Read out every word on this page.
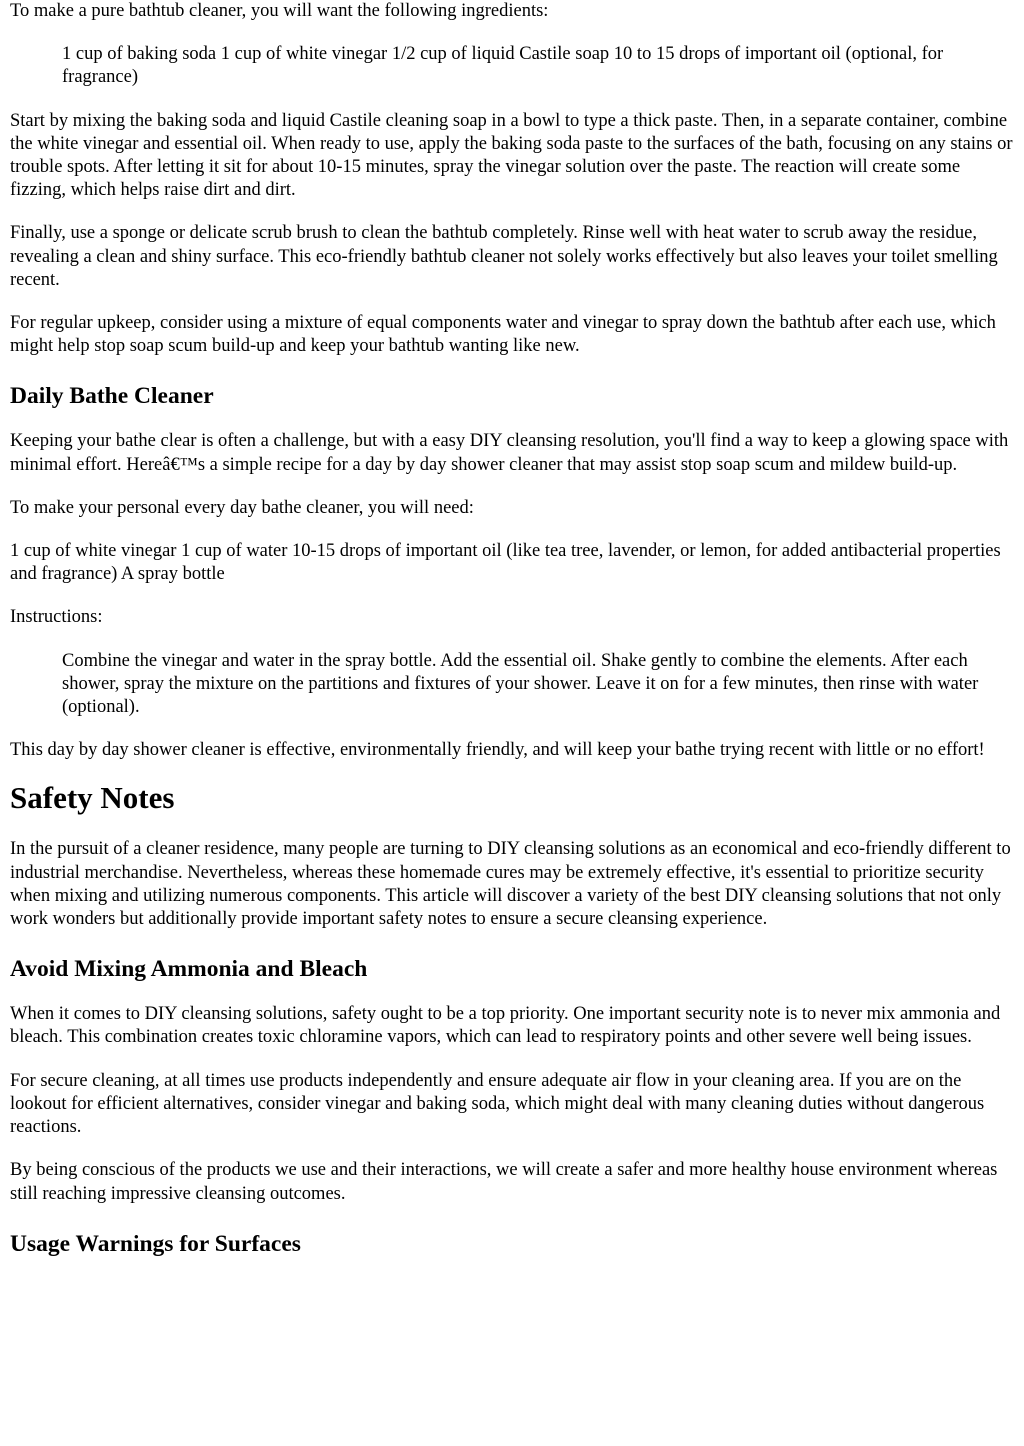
To make a pure bathtub cleaner, you will want the following ingredients:

1 cup of baking soda 1 cup of white vinegar 1/2 cup of liquid Castile soap 10 to 15 drops of important oil (optional, for fragrance)

Start by mixing the baking soda and liquid Castile cleaning soap in a bowl to type a thick paste. Then, in a separate container, combine the white vinegar and essential oil. When ready to use, apply the baking soda paste to the surfaces of the bath, focusing on any stains or trouble spots. After letting it sit for about 10-15 minutes, spray the vinegar solution over the paste. The reaction will create some fizzing, which helps raise dirt and dirt.

Finally, use a sponge or delicate scrub brush to clean the bathtub completely. Rinse well with heat water to scrub away the residue, revealing a clean and shiny surface. This eco-friendly bathtub cleaner not solely works effectively but also leaves your toilet smelling recent.

For regular upkeep, consider using a mixture of equal components water and vinegar to spray down the bathtub after each use, which might help stop soap scum build-up and keep your bathtub wanting like new.

Daily Bathe Cleaner

Keeping your bathe clear is often a challenge, but with a easy DIY cleansing resolution, you'll find a way to keep a glowing space with minimal effort. Hereâ€™s a simple recipe for a day by day shower cleaner that may assist stop soap scum and mildew build-up.

To make your personal every day bathe cleaner, you will need:

1 cup of white vinegar 1 cup of water 10-15 drops of important oil (like tea tree, lavender, or lemon, for added antibacterial properties and fragrance) A spray bottle

Instructions:

Combine the vinegar and water in the spray bottle. Add the essential oil. Shake gently to combine the elements. After each shower, spray the mixture on the partitions and fixtures of your shower. Leave it on for a few minutes, then rinse with water (optional).

This day by day shower cleaner is effective, environmentally friendly, and will keep your bathe trying recent with little or no effort!

Safety Notes

In the pursuit of a cleaner residence, many people are turning to DIY cleansing solutions as an economical and eco-friendly different to industrial merchandise. Nevertheless, whereas these homemade cures may be extremely effective, it's essential to prioritize security when mixing and utilizing numerous components. This article will discover a variety of the best DIY cleansing solutions that not only work wonders but additionally provide important safety notes to ensure a secure cleansing experience.

Avoid Mixing Ammonia and Bleach

When it comes to DIY cleansing solutions, safety ought to be a top priority. One important security note is to never mix ammonia and bleach. This combination creates toxic chloramine vapors, which can lead to respiratory points and other severe well being issues.

For secure cleaning, at all times use products independently and ensure adequate air flow in your cleaning area. If you are on the lookout for efficient alternatives, consider vinegar and baking soda, which might deal with many cleaning duties without dangerous reactions.

By being conscious of the products we use and their interactions, we will create a safer and more healthy house environment whereas still reaching impressive cleansing outcomes.

Usage Warnings for Surfaces
